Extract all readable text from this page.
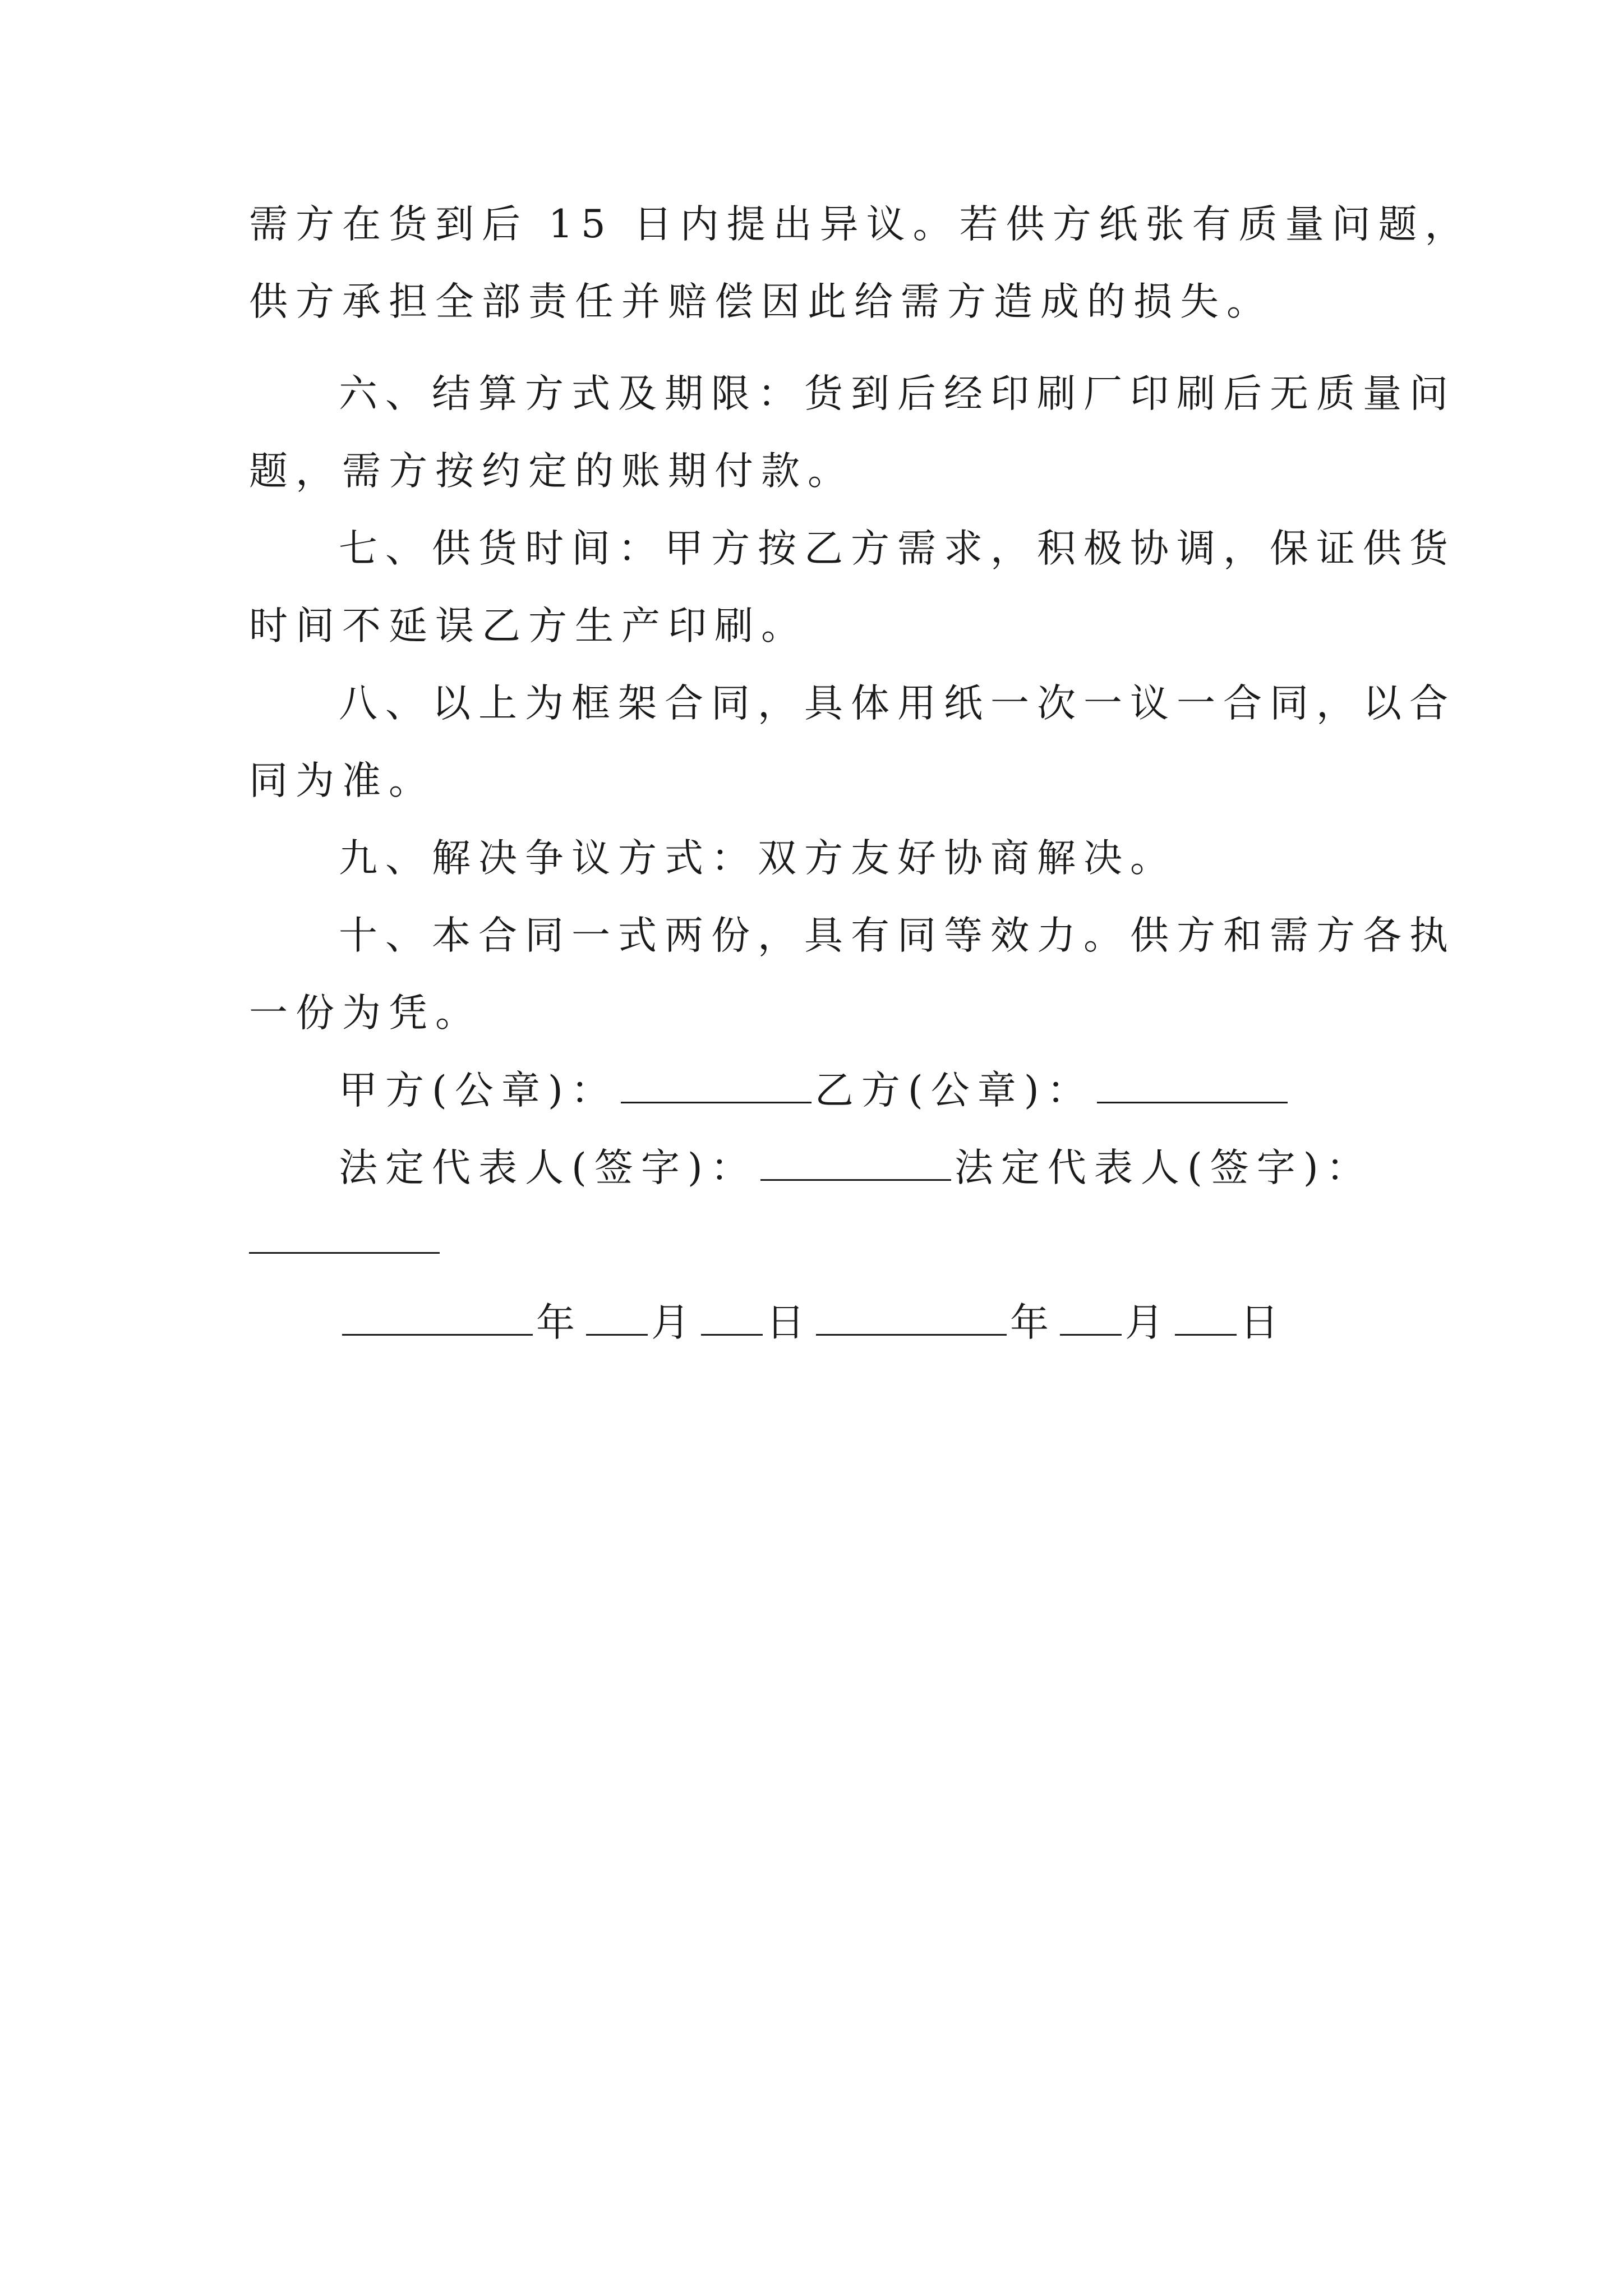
需方在货到后 15 日内提出异议。若供方纸张有质量问题，
供方承担全部责任并赔偿因此给需方造成的损失。
六、结算方式及期限：货到后经印刷厂印刷后无质量问
题，需方按约定的账期付款。
七、供货时间：甲方按乙方需求，积极协调，保证供货
时间不延误乙方生产印刷。
八、以上为框架合同，具体用纸一次一议一合同，以合
同为准。
九、解决争议方式：双方友好协商解决。
十、本合同一式两份，具有同等效力。供方和需方各执
一份为凭。
甲方(公章)：	乙方(公章)：
法定代表人(签字)：	法定代表人(签字)：
年 月 日	年 月 日
